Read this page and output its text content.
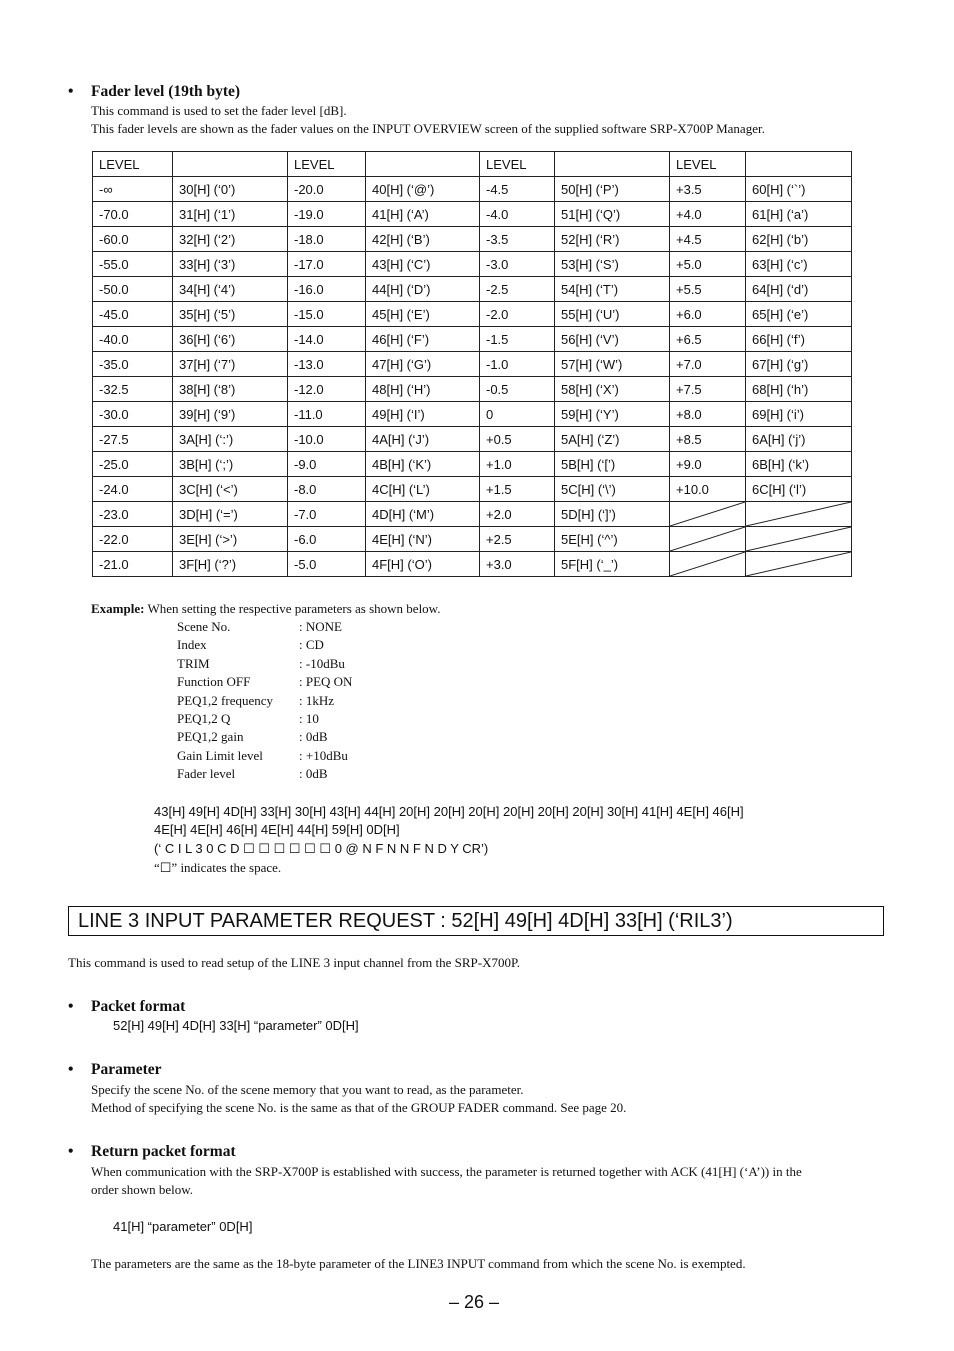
• Fader level (19th byte)
This command is used to set the fader level [dB].
This fader levels are shown as the fader values on the INPUT OVERVIEW screen of the supplied software SRP-X700P Manager.
LEVEL		LEVEL		LEVEL		LEVEL	
-∞	30[H] (‘0’)	-20.0	40[H] (‘@’)	-4.5	50[H] (‘P’)	+3.5	60[H] (‘`’)
-70.0	31[H] (‘1’)	-19.0	41[H] (‘A’)	-4.0	51[H] (‘Q’)	+4.0	61[H] (‘a’)
-60.0	32[H] (‘2’)	-18.0	42[H] (‘B’)	-3.5	52[H] (‘R’)	+4.5	62[H] (‘b’)
-55.0	33[H] (‘3’)	-17.0	43[H] (‘C’)	-3.0	53[H] (‘S’)	+5.0	63[H] (‘c’)
-50.0	34[H] (‘4’)	-16.0	44[H] (‘D’)	-2.5	54[H] (‘T’)	+5.5	64[H] (‘d’)
-45.0	35[H] (‘5’)	-15.0	45[H] (‘E’)	-2.0	55[H] (‘U’)	+6.0	65[H] (‘e’)
-40.0	36[H] (‘6’)	-14.0	46[H] (‘F’)	-1.5	56[H] (‘V’)	+6.5	66[H] (‘f’)
-35.0	37[H] (‘7’)	-13.0	47[H] (‘G’)	-1.0	57[H] (‘W’)	+7.0	67[H] (‘g’)
-32.5	38[H] (‘8’)	-12.0	48[H] (‘H’)	-0.5	58[H] (‘X’)	+7.5	68[H] (‘h’)
-30.0	39[H] (‘9’)	-11.0	49[H] (‘I’)	0	59[H] (‘Y’)	+8.0	69[H] (‘i’)
-27.5	3A[H] (‘:’)	-10.0	4A[H] (‘J’)	+0.5	5A[H] (‘Z’)	+8.5	6A[H] (‘j’)
-25.0	3B[H] (‘;’)	-9.0	4B[H] (‘K’)	+1.0	5B[H] (‘[’)	+9.0	6B[H] (‘k’)
-24.0	3C[H] (‘<’)	-8.0	4C[H] (‘L’)	+1.5	5C[H] (‘\’)	+10.0	6C[H] (‘l’)
-23.0	3D[H] (‘=’)	-7.0	4D[H] (‘M’)	+2.0	5D[H] (‘]’)	

-22.0	3E[H] (‘>’)	-6.0	4E[H] (‘N’)	+2.5	5E[H] (‘^’)	

-21.0	3F[H] (‘?’)	-5.0	4F[H] (‘O’)	+3.0	5F[H] (‘_’)	

Example: When setting the respective parameters as shown below.
Scene No.	: NONE
Index	: CD
TRIM	: -10dBu
Function OFF	: PEQ ON
PEQ1,2 frequency : 1kHz
PEQ1,2 Q	: 10
PEQ1,2 gain	: 0dB
Gain Limit level	: +10dBu
Fader level	: 0dB
43[H] 49[H] 4D[H] 33[H] 30[H] 43[H] 44[H] 20[H] 20[H] 20[H] 20[H] 20[H] 20[H] 30[H] 41[H] 4E[H] 46[H]
4E[H] 4E[H] 46[H] 4E[H] 44[H] 59[H] 0D[H]
(‘ C I L 3 0 C D ☐ ☐ ☐ ☐ ☐ ☐ 0 @ N F N N F N D Y CR’)
“☐” indicates the space.
LINE 3 INPUT PARAMETER REQUEST : 52[H] 49[H] 4D[H] 33[H] (‘RIL3’)
This command is used to read setup of the LINE 3 input channel from the SRP-X700P.
• Packet format
52[H] 49[H] 4D[H] 33[H] “parameter” 0D[H]
• Parameter
Specify the scene No. of the scene memory that you want to read, as the parameter.
Method of specifying the scene No. is the same as that of the GROUP FADER command. See page 20.
• Return packet format
When communication with the SRP-X700P is established with success, the parameter is returned together with ACK (41[H] (‘A’)) in the
order shown below.
41[H] “parameter” 0D[H]
The parameters are the same as the 18-byte parameter of the LINE3 INPUT command from which the scene No. is exempted.
– 26 –
